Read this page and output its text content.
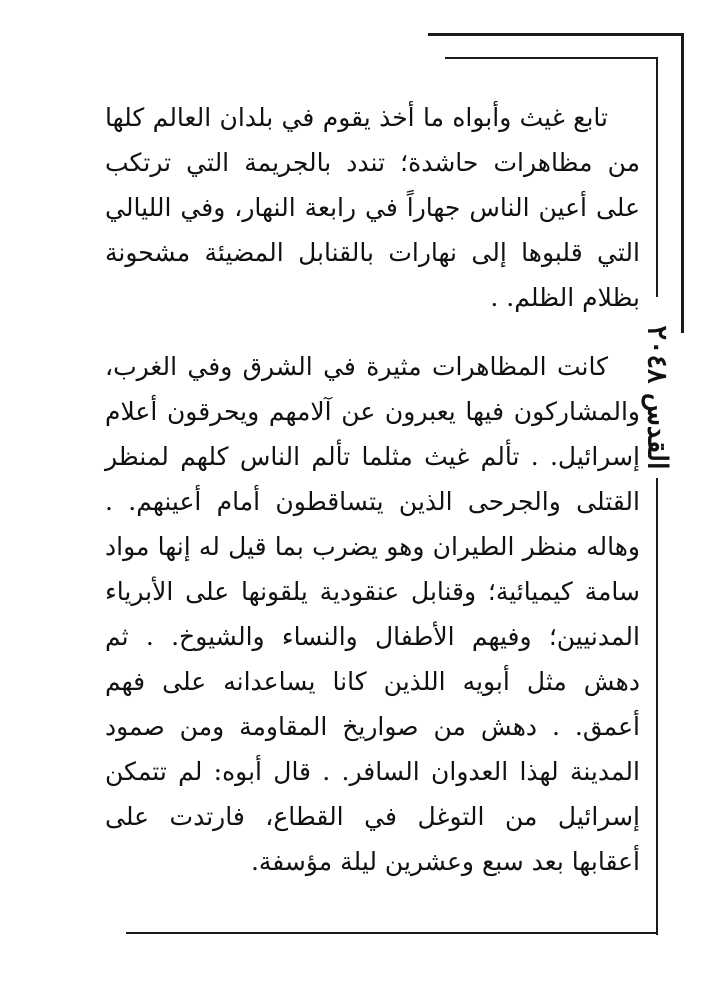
القدس ٢٠٤٨

تابع غيث وأبواه ما أخذ يقوم في بلدان العالم كلها من مظاهرات حاشدة؛ تندد بالجريمة التي ترتكب على أعين الناس جهاراً في رابعة النهار، وفي الليالي التي قلبوها إلى نهارات بالقنابل المضيئة مشحونة بظلام الظلم. .

كانت المظاهرات مثيرة في الشرق وفي الغرب، والمشاركون فيها يعبرون عن آلامهم ويحرقون أعلام إسرائيل. . تألم غيث مثلما تألم الناس كلهم لمنظر القتلى والجرحى الذين يتساقطون أمام أعينهم. . وهاله منظر الطيران وهو يضرب بما قيل له إنها مواد سامة كيميائية؛ وقنابل عنقودية يلقونها على الأبرياء المدنيين؛ وفيهم الأطفال والنساء والشيوخ. . ثم دهش مثل أبويه اللذين كانا يساعدانه على فهم أعمق. . دهش من صواريخ المقاومة ومن صمود المدينة لهذا العدوان السافر. . قال أبوه: لم تتمكن إسرائيل من التوغل في القطاع، فارتدت على أعقابها بعد سبع وعشرين ليلة مؤسفة.
